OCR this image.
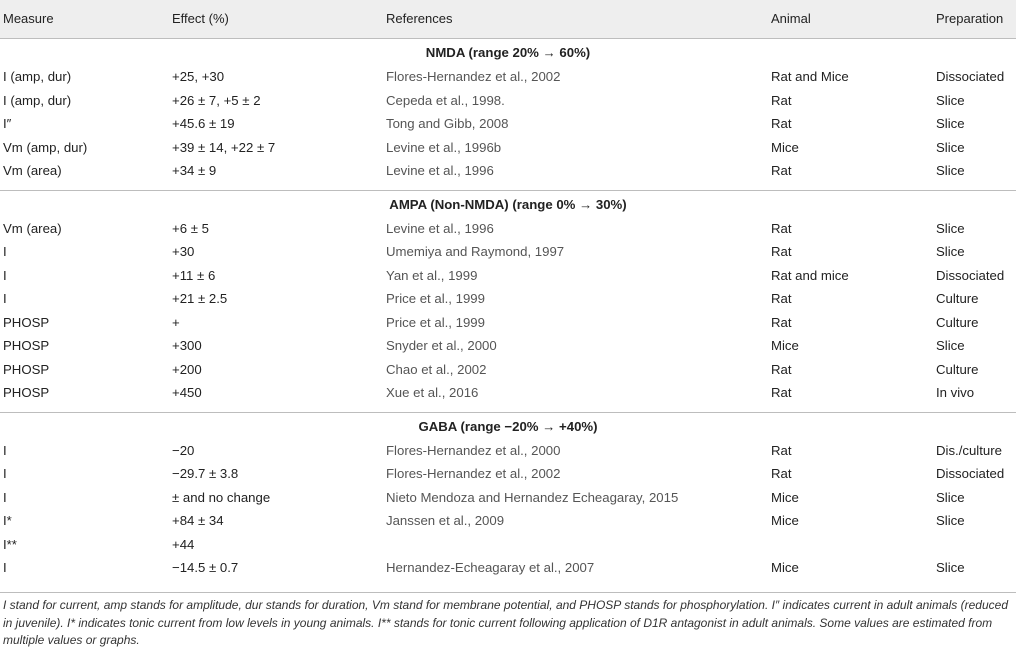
Measure	Effect (%)	References	Animal	Preparation
NMDA (range 20% → 60%)
I (amp, dur)	+25, +30	Flores-Hernandez et al., 2002	Rat and Mice	Dissociated
I (amp, dur)	+26 ± 7, +5 ± 2	Cepeda et al., 1998.	Rat	Slice
I″	+45.6 ± 19	Tong and Gibb, 2008	Rat	Slice
Vm (amp, dur)	+39 ± 14, +22 ± 7	Levine et al., 1996b	Mice	Slice
Vm (area)	+34 ± 9	Levine et al., 1996	Rat	Slice
AMPA (Non-NMDA) (range 0% → 30%)
Vm (area)	+6 ± 5	Levine et al., 1996	Rat	Slice
I	+30	Umemiya and Raymond, 1997	Rat	Slice
I	+11 ± 6	Yan et al., 1999	Rat and mice	Dissociated
I	+21 ± 2.5	Price et al., 1999	Rat	Culture
PHOSP	+	Price et al., 1999	Rat	Culture
PHOSP	+300	Snyder et al., 2000	Mice	Slice
PHOSP	+200	Chao et al., 2002	Rat	Culture
PHOSP	+450	Xue et al., 2016	Rat	In vivo
GABA (range −20% → +40%)
I	−20	Flores-Hernandez et al., 2000	Rat	Dis./culture
I	−29.7 ± 3.8	Flores-Hernandez et al., 2002	Rat	Dissociated
I	± and no change	Nieto Mendoza and Hernandez Echeagaray, 2015	Mice	Slice
I*	+84 ± 34	Janssen et al., 2009	Mice	Slice
I**	+44
I	−14.5 ± 0.7	Hernandez-Echeagaray et al., 2007	Mice	Slice
I stand for current, amp stands for amplitude, dur stands for duration, Vm stand for membrane potential, and PHOSP stands for phosphorylation. I″ indicates current in adult animals (reduced in juvenile). I* indicates tonic current from low levels in young animals. I** stands for tonic current following application of D1R antagonist in adult animals. Some values are estimated from multiple values or graphs.
